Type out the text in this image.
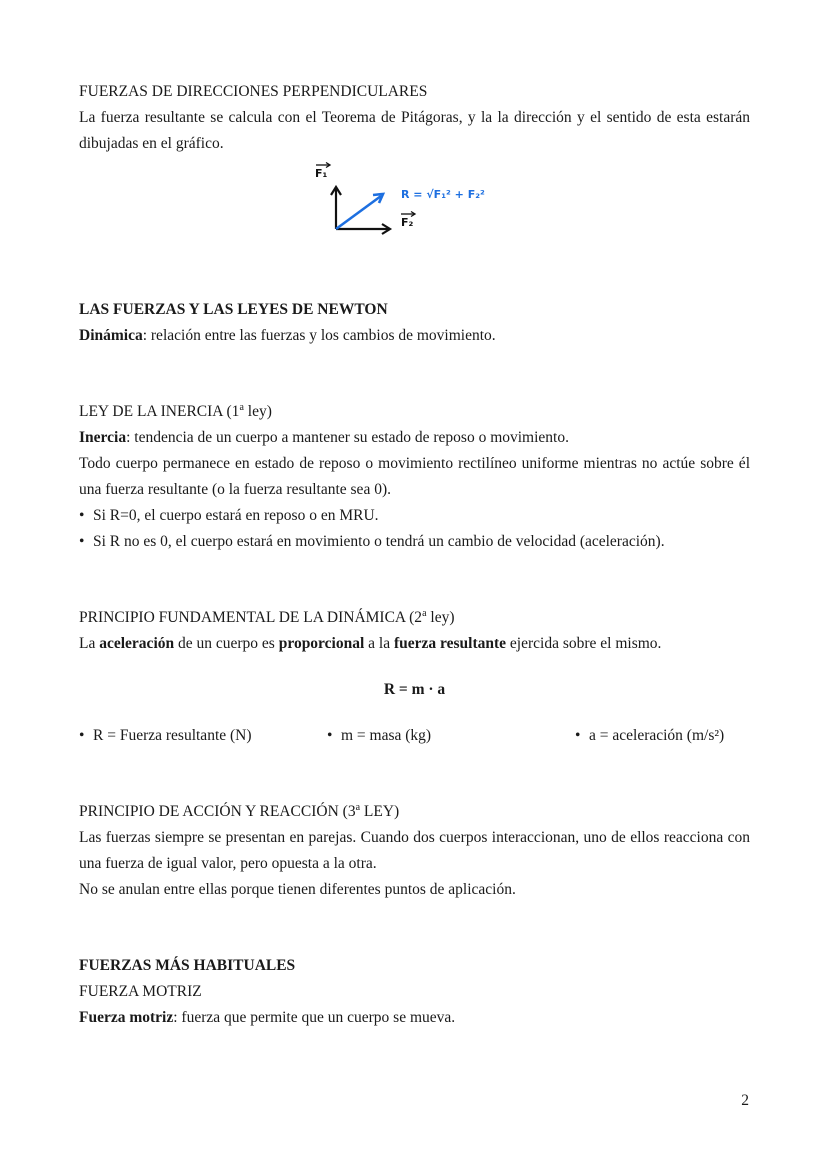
FUERZAS DE DIRECCIONES PERPENDICULARES

La fuerza resultante se calcula con el Teorema de Pitágoras, y la la dirección y el sentido de esta estarán dibujadas en el gráfico.

F₁
F₂
R = √F₁² + F₂²

LAS FUERZAS Y LAS LEYES DE NEWTON

Dinámica: relación entre las fuerzas y los cambios de movimiento.

LEY DE LA INERCIA (1$^a$ ley)

Inercia: tendencia de un cuerpo a mantener su estado de reposo o movimiento.

Todo cuerpo permanece en estado de reposo o movimiento rectilíneo uniforme mientras no actúe sobre él una fuerza resultante (o la fuerza resultante sea 0).

• Si R=0, el cuerpo estará en reposo o en MRU.

• Si R no es 0, el cuerpo estará en movimiento o tendrá un cambio de velocidad (aceleración).

PRINCIPIO FUNDAMENTAL DE LA DINÁMICA (2$^a$ ley)

La aceleración de un cuerpo es proporcional a la fuerza resultante ejercida sobre el mismo.

R = m · a

• R = Fuerza resultante (N)	• m = masa (kg)	• a = aceleración (m/s²)

PRINCIPIO DE ACCIÓN Y REACCIÓN (3$^a$ LEY)

Las fuerzas siempre se presentan en parejas. Cuando dos cuerpos interaccionan, uno de ellos reacciona con una fuerza de igual valor, pero opuesta a la otra.

No se anulan entre ellas porque tienen diferentes puntos de aplicación.

FUERZAS MÁS HABITUALES

FUERZA MOTRIZ

Fuerza motriz: fuerza que permite que un cuerpo se mueva.

2
